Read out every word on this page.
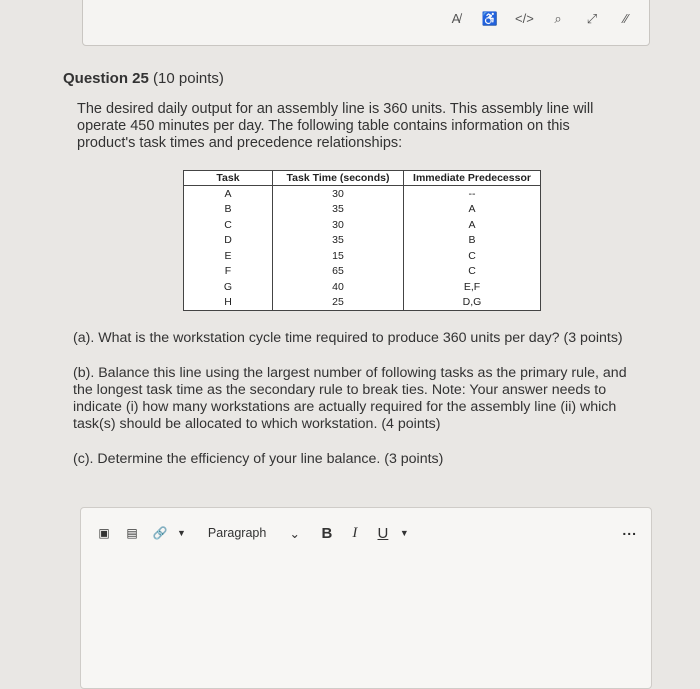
A̸	♿ </>	⌕	⤢	⁄⁄
Question 25 (10 points)
The desired daily output for an assembly line is 360 units. This assembly line will operate 450 minutes per day. The following table contains information on this product's task times and precedence relationships:
Task	Task Time (seconds)	Immediate Predecessor
A	30	--
B	35	A
C	30	A
D	35	B
E	15	C
F	65	C
G	40	E,F
H	25	D,G

(a). What is the workstation cycle time required to produce 360 units per day? (3 points)

(b). Balance this line using the largest number of following tasks as the primary rule, and the longest task time as the secondary rule to break ties. Note: Your answer needs to indicate (i) how many workstations are actually required for the assembly line (ii) which task(s) should be allocated to which workstation. (4 points)

(c). Determine the efficiency of your line balance. (3 points)

▣	▤	🔗	▼ Paragraph ⌄	B	I	U	▼	...
